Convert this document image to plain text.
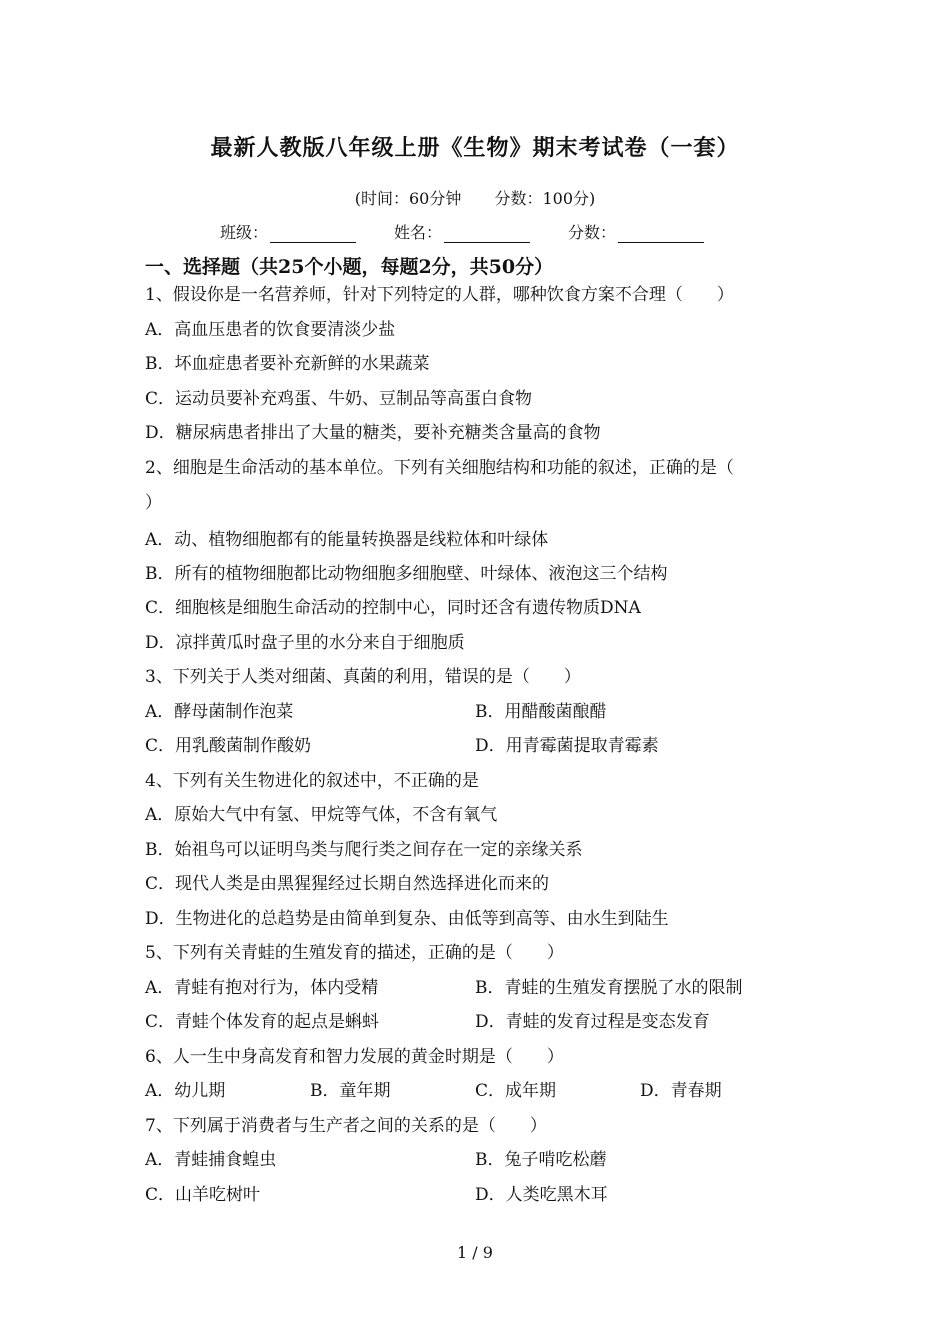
最新人教版八年级上册《生物》期末考试卷（一套）
(时间：60分钟 分数：100分)
班级：	姓名：	分数：
一、选择题（共25个小题，每题2分，共50分）
1、假设你是一名营养师，针对下列特定的人群，哪种饮食方案不合理（　　）
A．高血压患者的饮食要清淡少盐
B．坏血症患者要补充新鲜的水果蔬菜
C．运动员要补充鸡蛋、牛奶、豆制品等高蛋白食物
D．糖尿病患者排出了大量的糖类，要补充糖类含量高的食物
2、细胞是生命活动的基本单位。下列有关细胞结构和功能的叙述，正确的是（
）
A．动、植物细胞都有的能量转换器是线粒体和叶绿体
B．所有的植物细胞都比动物细胞多细胞壁、叶绿体、液泡这三个结构
C．细胞核是细胞生命活动的控制中心，同时还含有遗传物质DNA
D．凉拌黄瓜时盘子里的水分来自于细胞质
3、下列关于人类对细菌、真菌的利用，错误的是（　　）
A．酵母菌制作泡菜	B．用醋酸菌酿醋
C．用乳酸菌制作酸奶	D．用青霉菌提取青霉素
4、下列有关生物进化的叙述中，不正确的是
A．原始大气中有氢、甲烷等气体，不含有氧气
B．始祖鸟可以证明鸟类与爬行类之间存在一定的亲缘关系
C．现代人类是由黑猩猩经过长期自然选择进化而来的
D．生物进化的总趋势是由简单到复杂、由低等到高等、由水生到陆生
5、下列有关青蛙的生殖发育的描述，正确的是（　　）
A．青蛙有抱对行为，体内受精	B．青蛙的生殖发育摆脱了水的限制
C．青蛙个体发育的起点是蝌蚪	D．青蛙的发育过程是变态发育
6、人一生中身高发育和智力发展的黄金时期是（　　）
A．幼儿期	B．童年期	C．成年期	D．青春期
7、下列属于消费者与生产者之间的关系的是（　　）
A．青蛙捕食蝗虫	B．兔子啃吃松蘑
C．山羊吃树叶	D．人类吃黑木耳
1 / 9
